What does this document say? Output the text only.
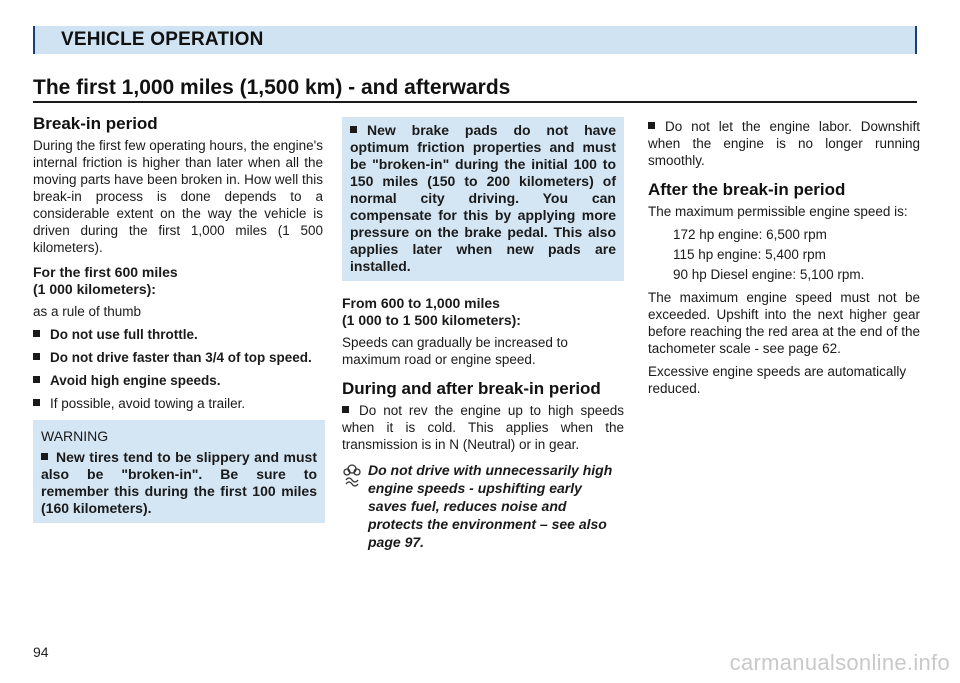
VEHICLE OPERATION
The first 1,000 miles (1,500 km) - and afterwards
Break-in period

During the first few operating hours, the engine's internal friction is higher than later when all the moving parts have been broken in. How well this break-in process is done depends to a considerable extent on the way the vehicle is driven during the first 1,000 miles (1 500 kilometers).

For the first 600 miles
(1 000 kilometers):

as a rule of thumb

Do not use full throttle.
Do not drive faster than 3/4 of top speed.
Avoid high engine speeds.
If possible, avoid towing a trailer.
WARNING
New tires tend to be slippery and must also be "broken-in". Be sure to remember this during the first 100 miles (160 kilometers).
New brake pads do not have optimum friction properties and must be "broken-in" during the initial 100 to 150 miles (150 to 200 kilometers) of normal city driving. You can compensate for this by applying more pressure on the brake pedal. This also applies later when new pads are installed.
From 600 to 1,000 miles
(1 000 to 1 500 kilometers):

Speeds can gradually be increased to maximum road or engine speed.

During and after break-in period
Do not rev the engine up to high speeds when it is cold. This applies when the transmission is in N (Neutral) or in gear.
Do not drive with unnecessarily high engine speeds - upshifting early saves fuel, reduces noise and protects the environment – see also page 97.
Do not let the engine labor. Downshift when the engine is no longer running smoothly.
After the break-in period

The maximum permissible engine speed is:

172 hp engine: 6,500 rpm
115 hp engine: 5,400 rpm
90 hp Diesel engine: 5,100 rpm.

The maximum engine speed must not be exceeded. Upshift into the next higher gear before reaching the red area at the end of the tachometer scale - see page 62.

Excessive engine speeds are automatically reduced.

94	carmanualsonline.info
